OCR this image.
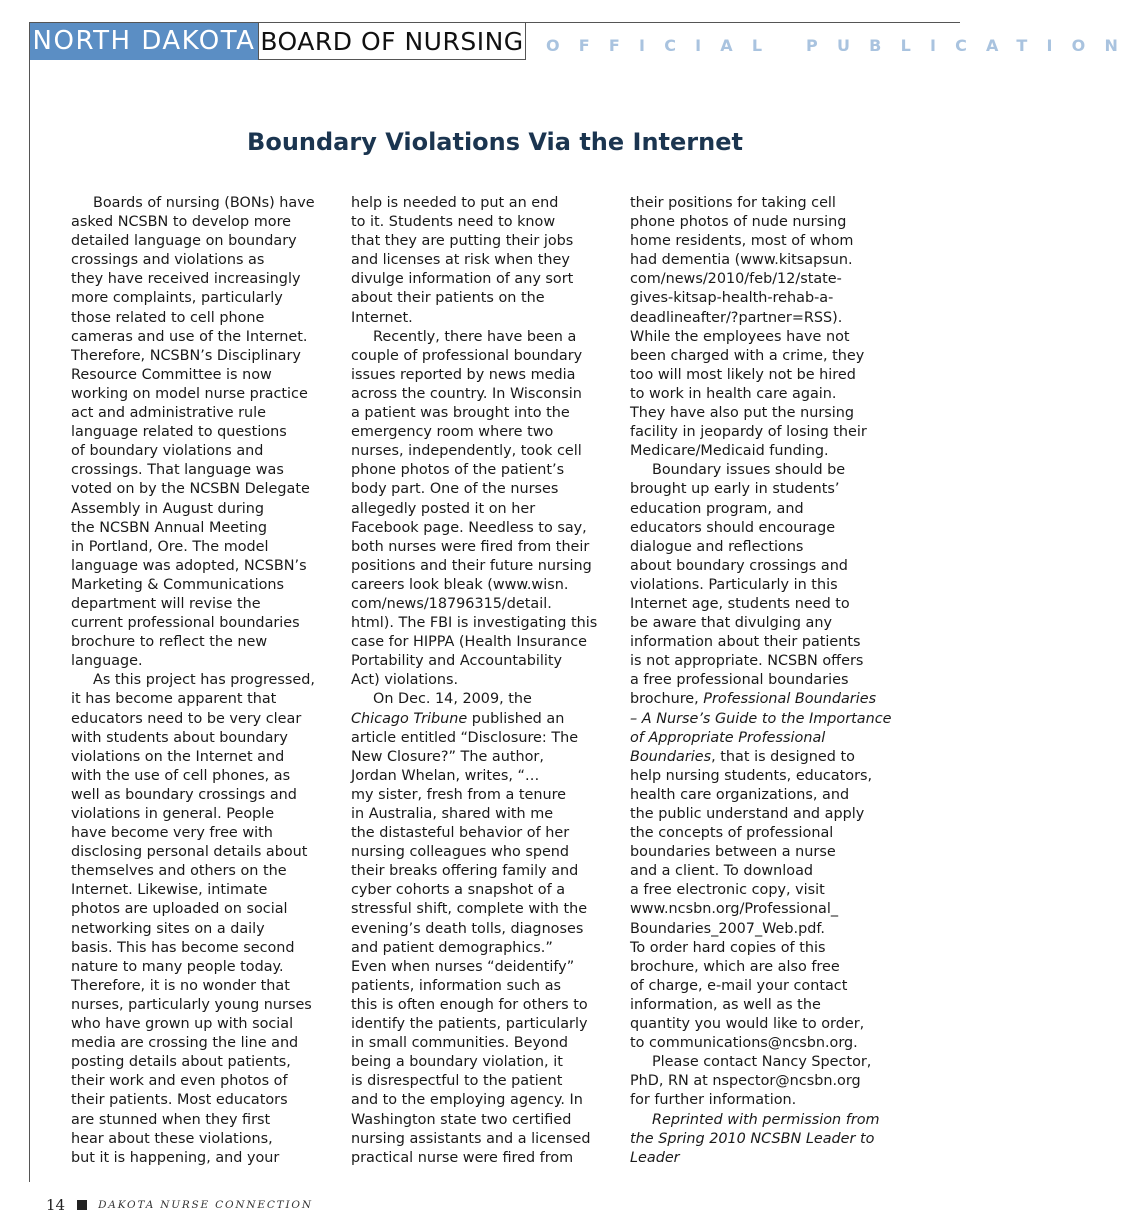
NORTH DAKOTA BOARD OF NURSING OFFICIAL PUBLICATION
Boundary Violations Via the Internet

Boards of nursing (BONs) have
asked NCSBN to develop more
detailed language on boundary
crossings and violations as
they have received increasingly
more complaints, particularly
those related to cell phone
cameras and use of the Internet.
Therefore, NCSBN’s Disciplinary
Resource Committee is now
working on model nurse practice
act and administrative rule
language related to questions
of boundary violations and
crossings. That language was
voted on by the NCSBN Delegate
Assembly in August during
the NCSBN Annual Meeting
in Portland, Ore. The model
language was adopted, NCSBN’s
Marketing & Communications
department will revise the
current professional boundaries
brochure to reflect the new
language.

As this project has progressed,
it has become apparent that
educators need to be very clear
with students about boundary
violations on the Internet and
with the use of cell phones, as
well as boundary crossings and
violations in general. People
have become very free with
disclosing personal details about
themselves and others on the
Internet. Likewise, intimate
photos are uploaded on social
networking sites on a daily
basis. This has become second
nature to many people today.
Therefore, it is no wonder that
nurses, particularly young nurses
who have grown up with social
media are crossing the line and
posting details about patients,
their work and even photos of
their patients. Most educators
are stunned when they first
hear about these violations,
but it is happening, and your

help is needed to put an end
to it. Students need to know
that they are putting their jobs
and licenses at risk when they
divulge information of any sort
about their patients on the
Internet.

Recently, there have been a
couple of professional boundary
issues reported by news media
across the country. In Wisconsin
a patient was brought into the
emergency room where two
nurses, independently, took cell
phone photos of the patient’s
body part. One of the nurses
allegedly posted it on her
Facebook page. Needless to say,
both nurses were fired from their
positions and their future nursing
careers look bleak (www.wisn.
com/news/18796315/detail.
html). The FBI is investigating this
case for HIPPA (Health Insurance
Portability and Accountability
Act) violations.

On Dec. 14, 2009, the
Chicago Tribune published an
article entitled “Disclosure: The
New Closure?” The author,
Jordan Whelan, writes, “…
my sister, fresh from a tenure
in Australia, shared with me
the distasteful behavior of her
nursing colleagues who spend
their breaks offering family and
cyber cohorts a snapshot of a
stressful shift, complete with the
evening’s death tolls, diagnoses
and patient demographics.”
Even when nurses “deidentify”
patients, information such as
this is often enough for others to
identify the patients, particularly
in small communities. Beyond
being a boundary violation, it
is disrespectful to the patient
and to the employing agency. In
Washington state two certified
nursing assistants and a licensed
practical nurse were fired from

their positions for taking cell
phone photos of nude nursing
home residents, most of whom
had dementia (www.kitsapsun.
com/news/2010/feb/12/state-
gives-kitsap-health-rehab-a-
deadlineafter/?partner=RSS).
While the employees have not
been charged with a crime, they
too will most likely not be hired
to work in health care again.
They have also put the nursing
facility in jeopardy of losing their
Medicare/Medicaid funding.

Boundary issues should be
brought up early in students’
education program, and
educators should encourage
dialogue and reflections
about boundary crossings and
violations. Particularly in this
Internet age, students need to
be aware that divulging any
information about their patients
is not appropriate. NCSBN offers
a free professional boundaries
brochure, Professional Boundaries
– A Nurse’s Guide to the Importance
of Appropriate Professional
Boundaries, that is designed to
help nursing students, educators,
health care organizations, and
the public understand and apply
the concepts of professional
boundaries between a nurse
and a client. To download
a free electronic copy, visit
www.ncsbn.org/Professional_
Boundaries_2007_Web.pdf.
To order hard copies of this
brochure, which are also free
of charge, e-mail your contact
information, as well as the
quantity you would like to order,
to communications@ncsbn.org.

Please contact Nancy Spector,
PhD, RN at nspector@ncsbn.org
for further information.

Reprinted with permission from
the Spring 2010 NCSBN Leader to
Leader

14	DAKOTA NURSE CONNECTION
